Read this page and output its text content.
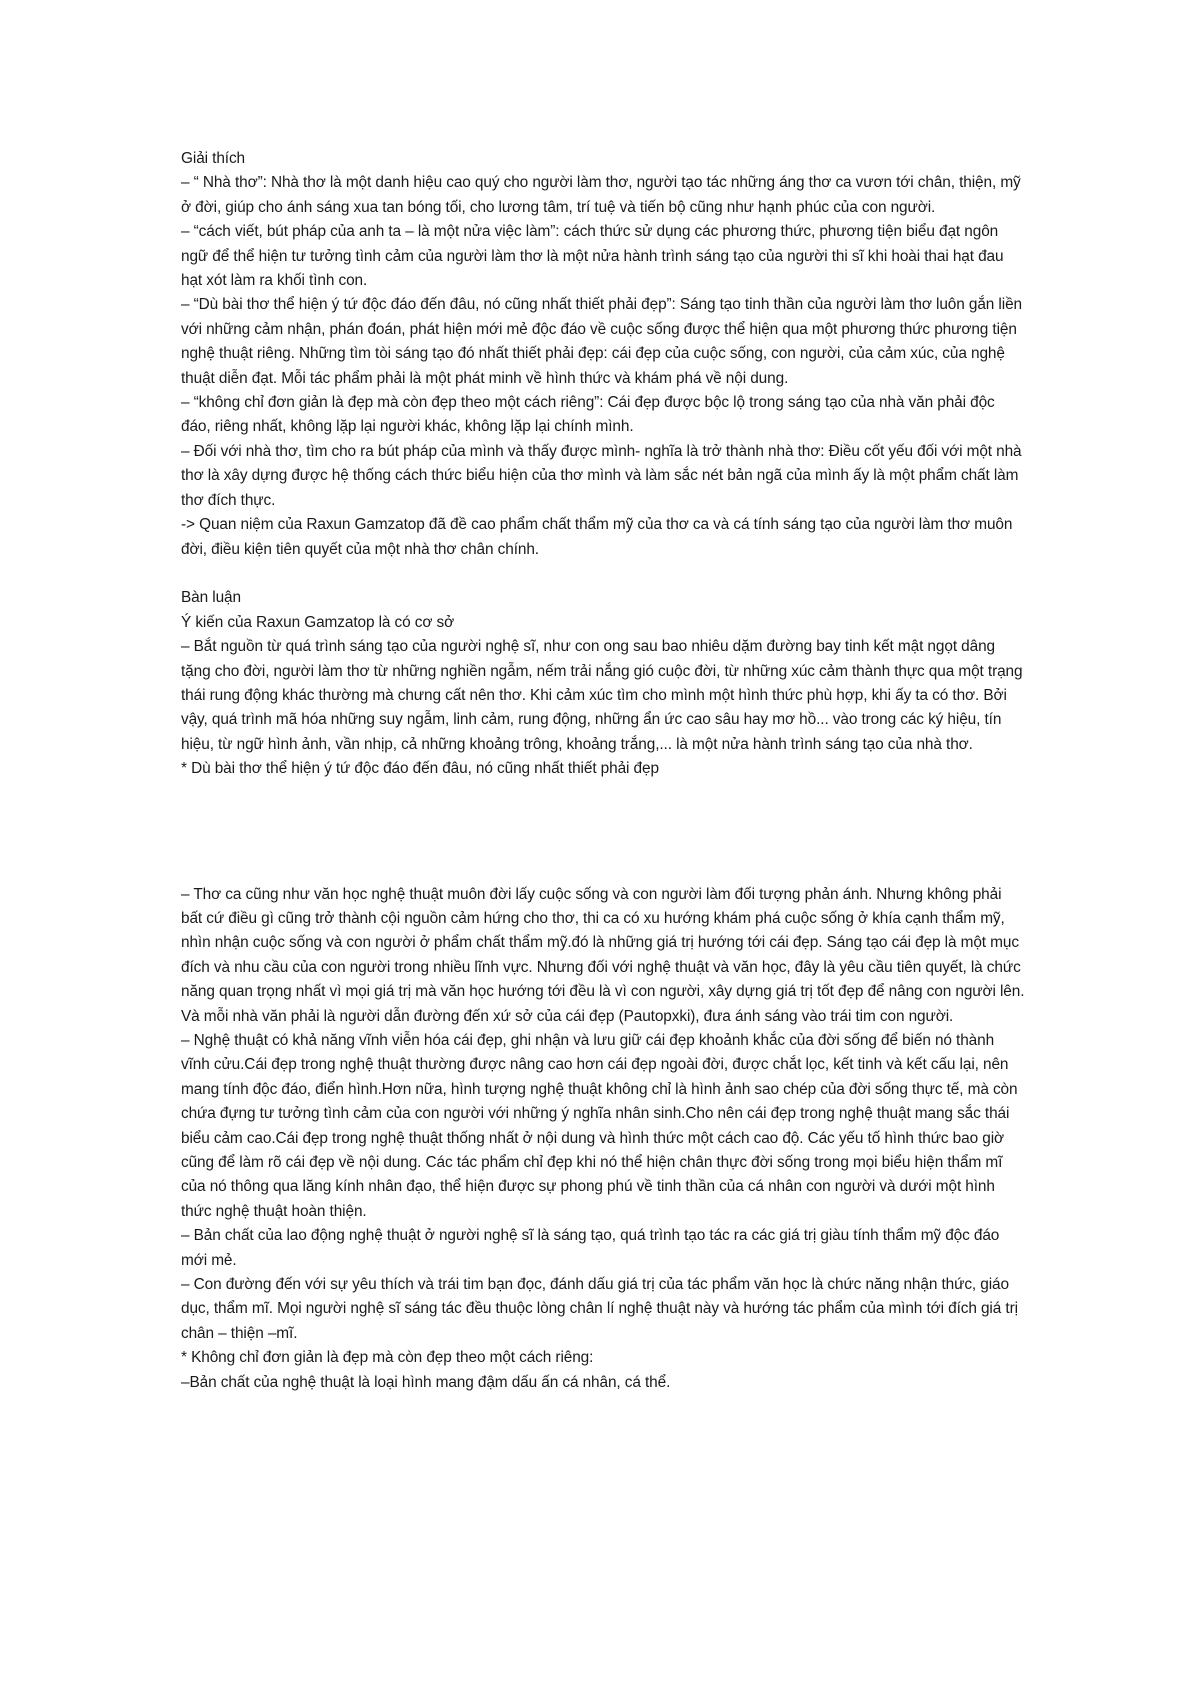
Giải thích

– “ Nhà thơ”: Nhà thơ là một danh hiệu cao quý cho người làm thơ, người tạo tác những áng thơ ca vươn tới chân, thiện, mỹ ở đời, giúp cho ánh sáng xua tan bóng tối, cho lương tâm, trí tuệ và tiến bộ cũng như hạnh phúc của con người.

– “cách viết, bút pháp của anh ta – là một nửa việc làm”: cách thức sử dụng các phương thức, phương tiện biểu đạt ngôn ngữ để thể hiện tư tưởng tình cảm của người làm thơ là một nửa hành trình sáng tạo của người thi sĩ khi hoài thai hạt đau hạt xót làm ra khối tình con.

– “Dù bài thơ thể hiện ý tứ độc đáo đến đâu, nó cũng nhất thiết phải đẹp”: Sáng tạo tinh thần của người làm thơ luôn gắn liền với những cảm nhận, phán đoán, phát hiện mới mẻ độc đáo về cuộc sống được thể hiện qua một phương thức phương tiện nghệ thuật riêng. Những tìm tòi sáng tạo đó nhất thiết phải đẹp: cái đẹp của cuộc sống, con người, của cảm xúc, của nghệ thuật diễn đạt. Mỗi tác phẩm phải là một phát minh về hình thức và khám phá về nội dung.

– “không chỉ đơn giản là đẹp mà còn đẹp theo một cách riêng”: Cái đẹp được bộc lộ trong sáng tạo của nhà văn phải độc đáo, riêng nhất, không lặp lại người khác, không lặp lại chính mình.

– Đối với nhà thơ, tìm cho ra bút pháp của mình và thấy được mình- nghĩa là trở thành nhà thơ: Điều cốt yếu đối với một nhà thơ là xây dựng được hệ thống cách thức biểu hiện của thơ mình và làm sắc nét bản ngã của mình ấy là một phẩm chất làm thơ đích thực.

-> Quan niệm của Raxun Gamzatop đã đề cao phẩm chất thẩm mỹ của thơ ca và cá tính sáng tạo của người làm thơ muôn đời, điều kiện tiên quyết của một nhà thơ chân chính.

Bàn luận

Ý kiến của Raxun Gamzatop là có cơ sở

– Bắt nguồn từ quá trình sáng tạo của người nghệ sĩ, như con ong sau bao nhiêu dặm đường bay tinh kết mật ngọt dâng tặng cho đời, người làm thơ từ những nghiền ngẫm, nếm trải nắng gió cuộc đời, từ những xúc cảm thành thực qua một trạng thái rung động khác thường mà chưng cất nên thơ. Khi cảm xúc tìm cho mình một hình thức phù hợp, khi ấy ta có thơ. Bởi vậy, quá trình mã hóa những suy ngẫm, linh cảm, rung động, những ẩn ức cao sâu hay mơ hồ... vào trong các ký hiệu, tín hiệu, từ ngữ hình ảnh, vần nhịp, cả những khoảng trông, khoảng trắng,... là một nửa hành trình sáng tạo của nhà thơ.

* Dù bài thơ thể hiện ý tứ độc đáo đến đâu, nó cũng nhất thiết phải đẹp

– Thơ ca cũng như văn học nghệ thuật muôn đời lấy cuộc sống và con người làm đối tượng phản ánh. Nhưng không phải bất cứ điều gì cũng trở thành cội nguồn cảm hứng cho thơ, thi ca có xu hướng khám phá cuộc sống ở khía cạnh thẩm mỹ, nhìn nhận cuộc sống và con người ở phẩm chất thẩm mỹ.đó là những giá trị hướng tới cái đẹp. Sáng tạo cái đẹp là một mục đích và nhu cầu của con người trong nhiều lĩnh vực. Nhưng đối với nghệ thuật và văn học, đây là yêu cầu tiên quyết, là chức năng quan trọng nhất vì mọi giá trị mà văn học hướng tới đều là vì con người, xây dựng giá trị tốt đẹp để nâng con người lên. Và mỗi nhà văn phải là người dẫn đường đến xứ sở của cái đẹp (Pautopxki), đưa ánh sáng vào trái tim con người.

– Nghệ thuật có khả năng vĩnh viễn hóa cái đẹp, ghi nhận và lưu giữ cái đẹp khoảnh khắc của đời sống để biến nó thành vĩnh cửu.Cái đẹp trong nghệ thuật thường được nâng cao hơn cái đẹp ngoài đời, được chắt lọc, kết tinh và kết cấu lại, nên mang tính độc đáo, điển hình.Hơn nữa, hình tượng nghệ thuật không chỉ là hình ảnh sao chép của đời sống thực tế, mà còn chứa đựng tư tưởng tình cảm của con người với những ý nghĩa nhân sinh.Cho nên cái đẹp trong nghệ thuật mang sắc thái biểu cảm cao.Cái đẹp trong nghệ thuật thống nhất ở nội dung và hình thức một cách cao độ. Các yếu tố hình thức bao giờ cũng để làm rõ cái đẹp về nội dung. Các tác phẩm chỉ đẹp khi nó thể hiện chân thực đời sống trong mọi biểu hiện thẩm mĩ của nó thông qua lăng kính nhân đạo, thể hiện được sự phong phú về tinh thần của cá nhân con người và dưới một hình thức nghệ thuật hoàn thiện.

– Bản chất của lao động nghệ thuật ở người nghệ sĩ là sáng tạo, quá trình tạo tác ra các giá trị giàu tính thẩm mỹ độc đáo mới mẻ.

– Con đường đến với sự yêu thích và trái tim bạn đọc, đánh dấu giá trị của tác phẩm văn học là chức năng nhận thức, giáo dục, thẩm mĩ. Mọi người nghệ sĩ sáng tác đều thuộc lòng chân lí nghệ thuật này và hướng tác phẩm của mình tới đích giá trị chân – thiện –mĩ.

* Không chỉ đơn giản là đẹp mà còn đẹp theo một cách riêng:

–Bản chất của nghệ thuật là loại hình mang đậm dấu ấn cá nhân, cá thể.
